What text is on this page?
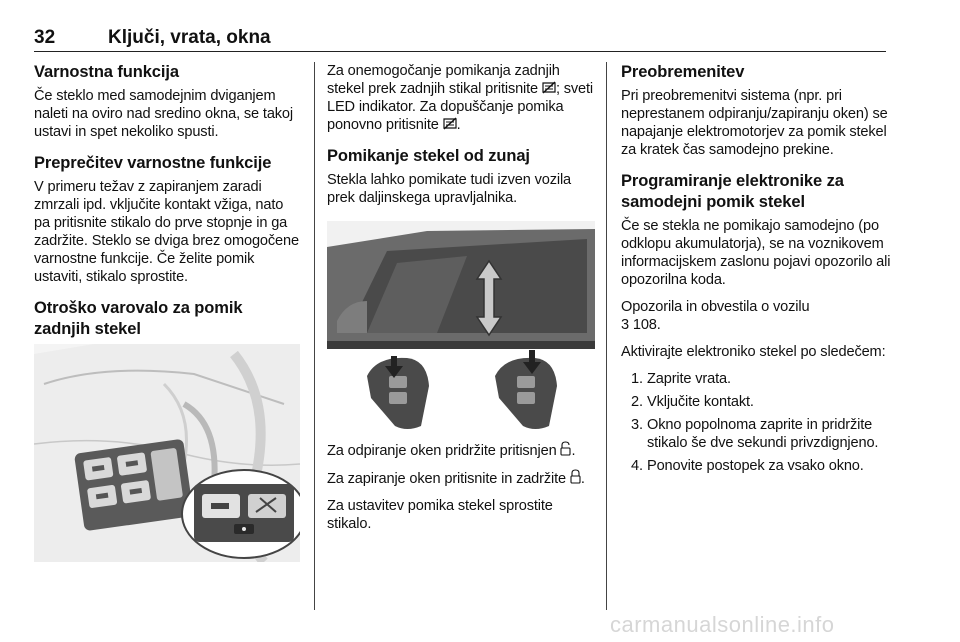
32	Ključi, vrata, okna
Varnostna funkcija

Če steklo med samodejnim dviganjem naleti na oviro nad sredino okna, se takoj ustavi in spet nekoliko spusti.

Preprečitev varnostne funkcije

V primeru težav z zapiranjem zaradi zmrzali ipd. vključite kontakt vžiga, nato pa pritisnite stikalo do prve stopnje in ga zadržite. Steklo se dviga brez omogočene varnostne funkcije. Če želite pomik ustaviti, stikalo sprostite.

Otroško varovalo za pomik zadnjih stekel

Za onemogočanje pomikanja zadnjih stekel prek zadnjih stikal pritisnite ; sveti LED indikator. Za dopuščanje pomika ponovno pritisnite .

Pomikanje stekel od zunaj

Stekla lahko pomikate tudi izven vozila prek daljinskega upravljalnika.

Za odpiranje oken pridržite pritisnjen .

Za zapiranje oken pritisnite in zadržite .

Za ustavitev pomika stekel sprostite stikalo.

Preobremenitev

Pri preobremenitvi sistema (npr. pri neprestanem odpiranju/zapiranju oken) se napajanje elektromotorjev za pomik stekel za kratek čas samodejno prekine.

Programiranje elektronike za samodejni pomik stekel

Če se stekla ne pomikajo samodejno (po odklopu akumulatorja), se na voznikovem informacijskem zaslonu pojavi opozorilo ali opozorilna koda.

Opozorila in obvestila o vozilu
3 108.

Aktivirajte elektroniko stekel po sledečem:

1. Zaprite vrata.
2. Vključite kontakt.
3. Okno popolnoma zaprite in pridržite stikalo še dve sekundi privzdignjeno.
4. Ponovite postopek za vsako okno.
carmanualsonline.info
